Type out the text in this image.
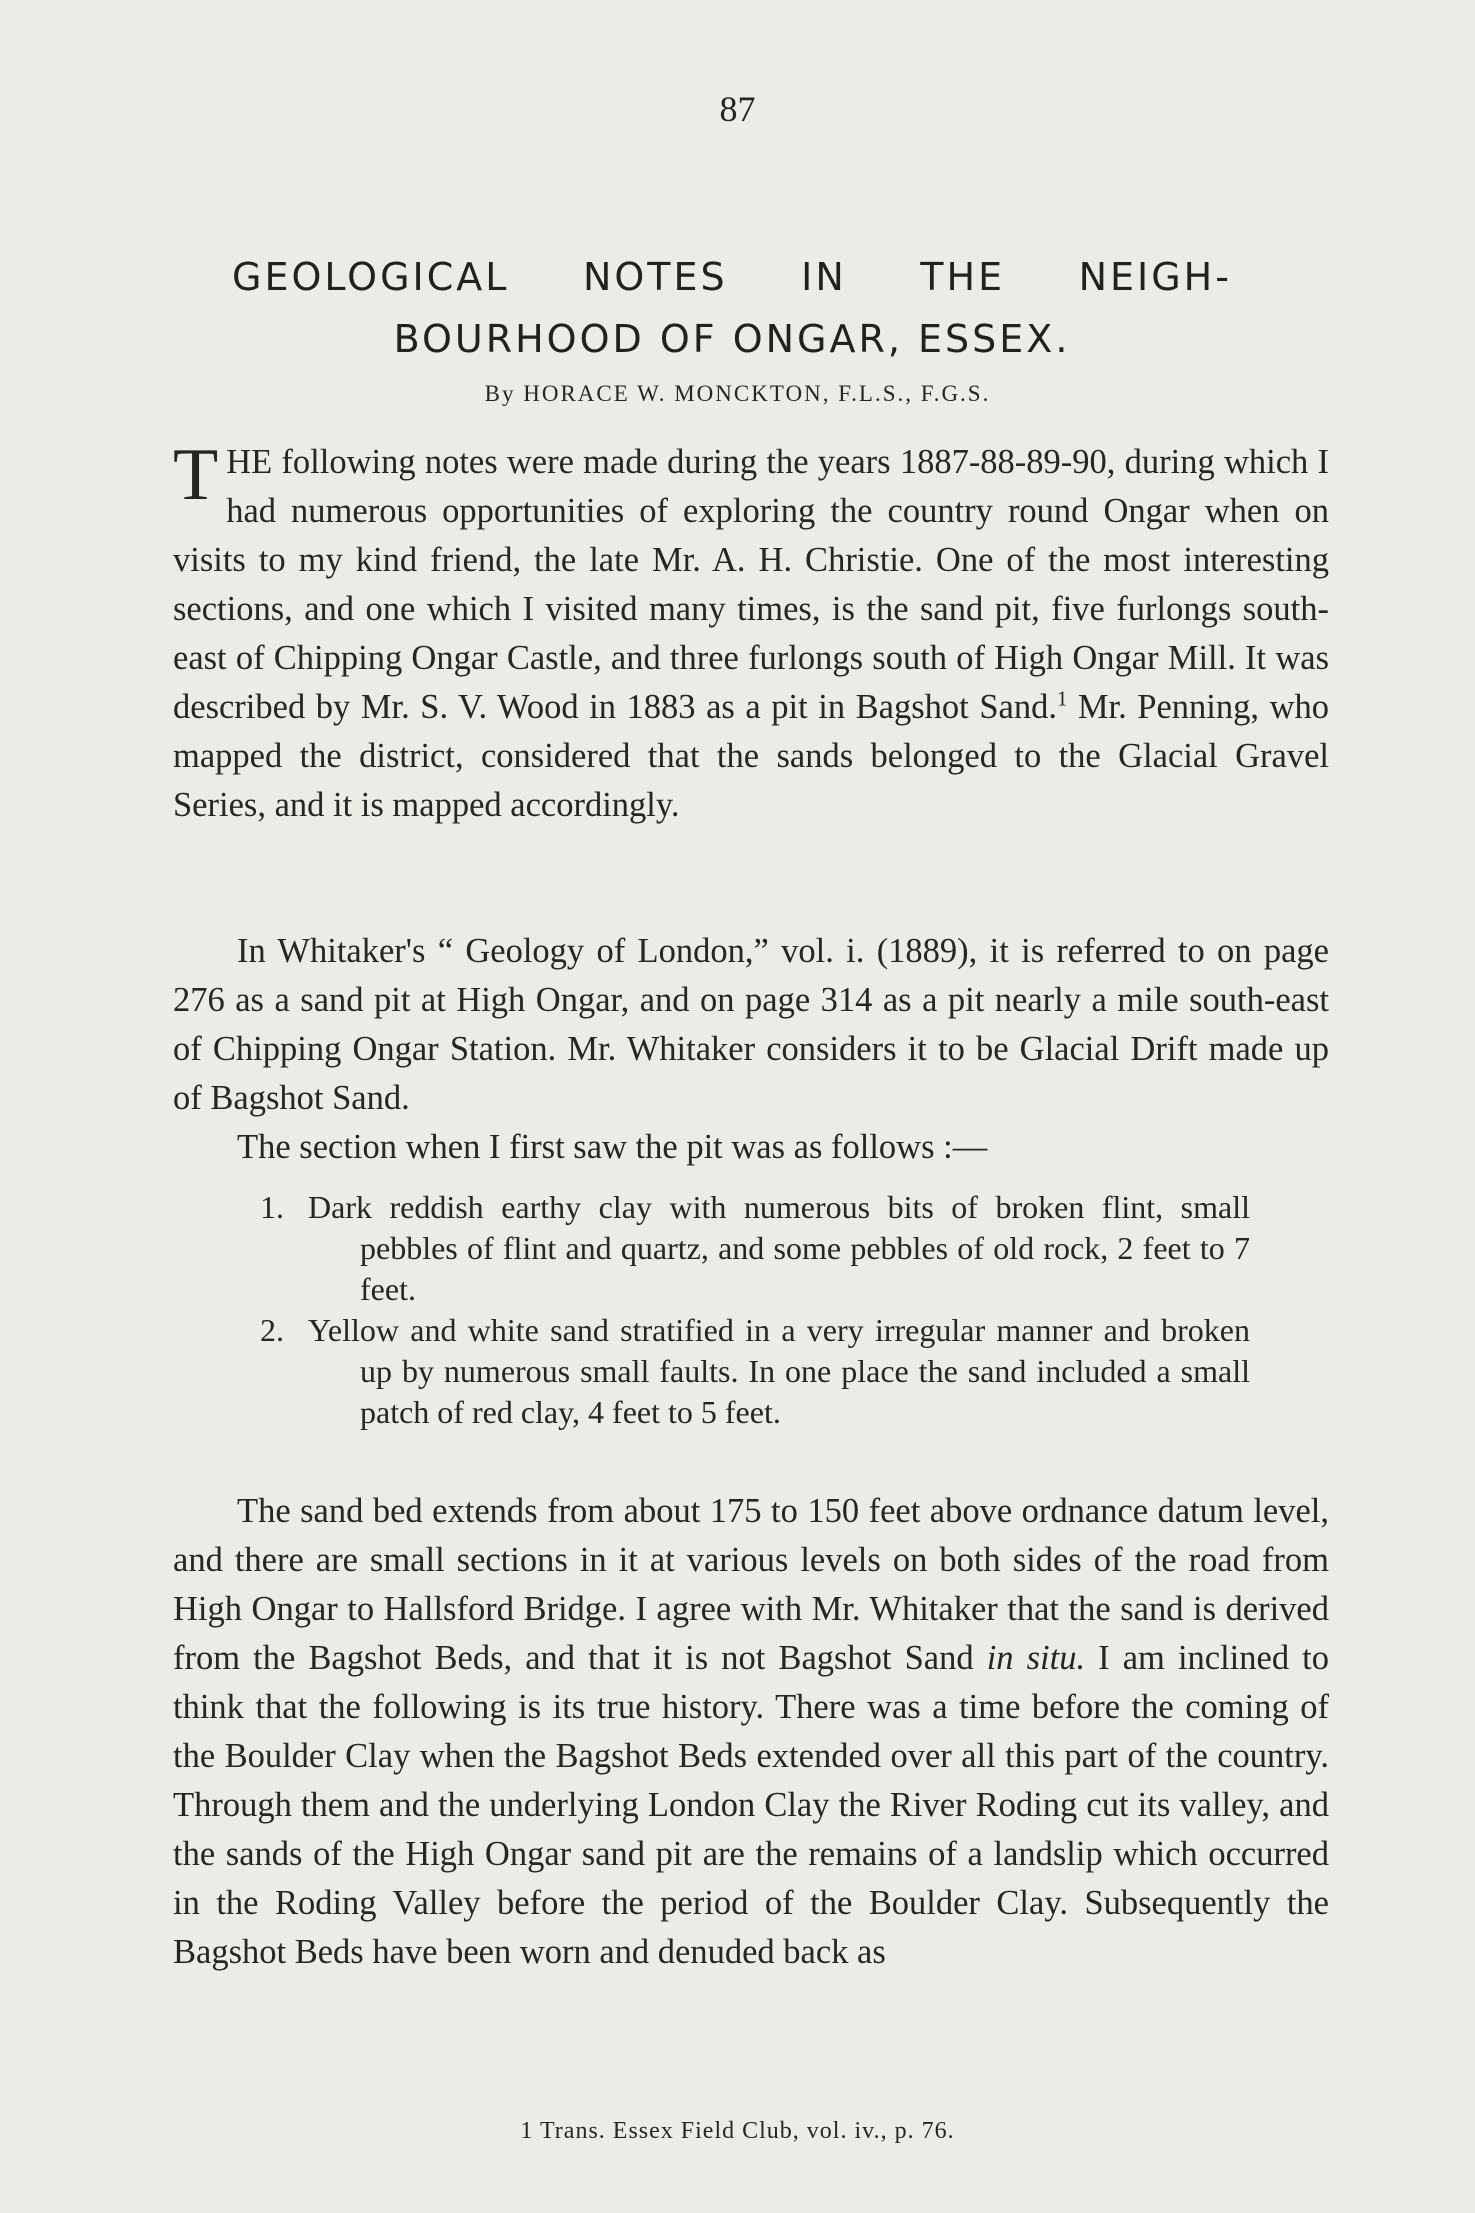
87
GEOLOGICAL NOTES IN THE NEIGH-
BOURHOOD OF ONGAR, ESSEX.
By HORACE W. MONCKTON, F.L.S., F.G.S.
THE following notes were made during the years 1887-88-89-90, during which I had numerous opportunities of exploring the country round Ongar when on visits to my kind friend, the late Mr. A. H. Christie. One of the most interesting sections, and one which I visited many times, is the sand pit, five furlongs south-east of Chipping Ongar Castle, and three furlongs south of High Ongar Mill. It was described by Mr. S. V. Wood in 1883 as a pit in Bagshot Sand.$^1$ Mr. Penning, who mapped the district, considered that the sands belonged to the Glacial Gravel Series, and it is mapped accordingly.

In Whitaker's “ Geology of London,” vol. i. (1889), it is referred to on page 276 as a sand pit at High Ongar, and on page 314 as a pit nearly a mile south-east of Chipping Ongar Station. Mr. Whitaker considers it to be Glacial Drift made up of Bagshot Sand.

The section when I first saw the pit was as follows :—

1. Dark reddish earthy clay with numerous bits of broken flint, small pebbles of flint and quartz, and some pebbles of old rock, 2 feet to 7 feet.
2. Yellow and white sand stratified in a very irregular manner and broken up by numerous small faults. In one place the sand included a small patch of red clay, 4 feet to 5 feet.

The sand bed extends from about 175 to 150 feet above ordnance datum level, and there are small sections in it at various levels on both sides of the road from High Ongar to Hallsford Bridge. I agree with Mr. Whitaker that the sand is derived from the Bagshot Beds, and that it is not Bagshot Sand in situ. I am inclined to think that the following is its true history. There was a time before the coming of the Boulder Clay when the Bagshot Beds extended over all this part of the country. Through them and the underlying London Clay the River Roding cut its valley, and the sands of the High Ongar sand pit are the remains of a landslip which occurred in the Roding Valley before the period of the Boulder Clay. Subsequently the Bagshot Beds have been worn and denuded back as

1 Trans. Essex Field Club, vol. iv., p. 76.
